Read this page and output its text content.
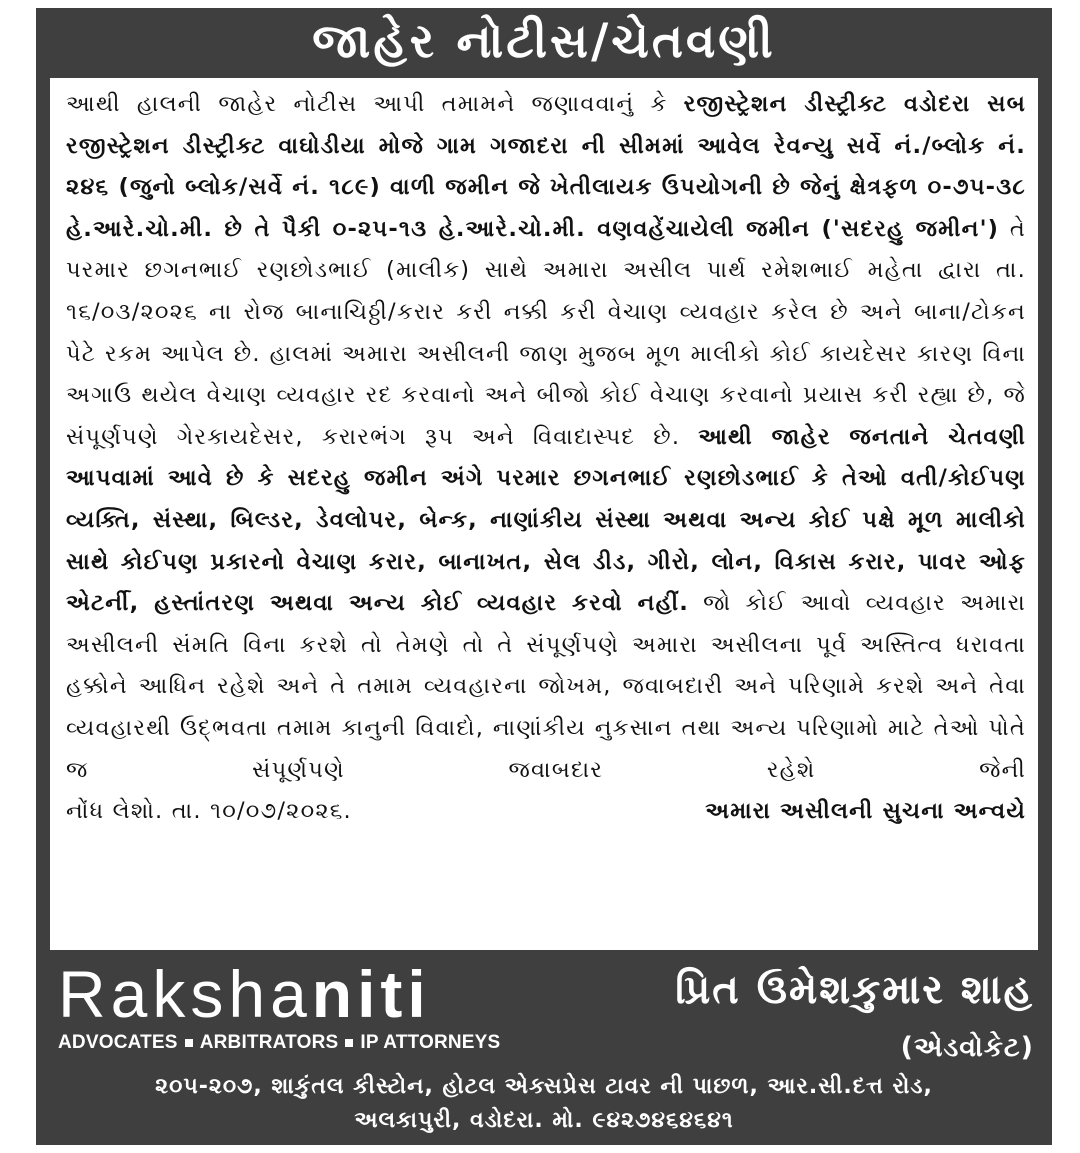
જાહેર નોટીસ/ચેતવણી

આથી હાલની જાહેર નોટીસ આપી તમામને જણાવવાનું કે રજીસ્ટ્રેશન ડીસ્ટ્રીક્ટ વડોદરા સબ રજીસ્ટ્રેશન ડીસ્ટ્રીક્ટ વાઘોડીયા મોજે ગામ ગજાદરા ની સીમમાં આવેલ રેવન્યુ સર્વે નં./બ્લોક નં. ૨૪૬ (જુનો બ્લોક/સર્વે નં. ૧૮૯) વાળી જમીન જે ખેતીલાયક ઉપયોગની છે જેનું ક્ષેત્રફળ ૦-૭૫-૩૮ હે.આરે.ચો.મી. છે તે પૈકી ૦-૨૫-૧૩ હે.આરે.ચો.મી. વણવહેંચાયેલી જમીન ('સદરહુ જમીન') તે પરમાર છગનભાઈ રણછોડભાઈ (માલીક) સાથે અમારા અસીલ પાર્થ રમેશભાઈ મહેતા દ્વારા તા. ૧૬/૦૩/૨૦૨૬ ના રોજ બાનાચિઠ્ઠી/કરાર કરી નક્કી કરી વેચાણ વ્યવહાર કરેલ છે અને બાના/ટોકન પેટે રકમ આપેલ છે. હાલમાં અમારા અસીલની જાણ મુજબ મૂળ માલીકો કોઈ કાયદેસર કારણ વિના અગાઉ થયેલ વેચાણ વ્યવહાર રદ કરવાનો અને બીજો કોઈ વેચાણ કરવાનો પ્રયાસ કરી રહ્યા છે, જે સંપૂર્ણપણે ગેરકાયદેસર, કરારભંગ રૂપ અને વિવાદાસ્પદ છે. આથી જાહેર જનતાને ચેતવણી આપવામાં આવે છે કે સદરહુ જમીન અંગે પરમાર છગનભાઈ રણછોડભાઈ કે તેઓ વતી/કોઈપણ વ્યક્તિ, સંસ્થા, બિલ્ડર, ડેવલોપર, બેન્ક, નાણાંકીય સંસ્થા અથવા અન્ય કોઈ પક્ષે મૂળ માલીકો સાથે કોઈપણ પ્રકારનો વેચાણ કરાર, બાનાખત, સેલ ડીડ, ગીરો, લોન, વિકાસ કરાર, પાવર ઓફ એટર્ની, હસ્તાંતરણ અથવા અન્ય કોઈ વ્યવહાર કરવો નહીં. જો કોઈ આવો વ્યવહાર અમારા અસીલની સંમતિ વિના કરશે તો તેમણે તો તે સંપૂર્ણપણે અમારા અસીલના પૂર્વ અસ્તિત્વ ધરાવતા હક્કોને આધિન રહેશે અને તે તમામ વ્યવહારના જોખમ, જવાબદારી અને પરિણામે કરશે અને તેવા વ્યવહારથી ઉદ્ભવતા તમામ કાનુની વિવાદો, નાણાંકીય નુકસાન તથા અન્ય પરિણામો માટે તેઓ પોતે જ સંપૂર્ણપણે જવાબદાર રહેશે જેની

નોંધ લેશો. તા. ૧૦/૦૭/૨૦૨૬.	અમારા અસીલની સુચના અન્વયે
Rakshaniti
ADVOCATES ARBITRATORS IP ATTORNEYS
પ્રિત ઉમેશકુમાર શાહ
(એડવોકેટ)
૨૦૫-૨૦૭, શાકુંતલ કીસ્ટોન, હોટલ એક્સપ્રેસ ટાવર ની પાછળ, આર.સી.દત્ત રોડ,
અલકાપુરી, વડોદરા. મો. ૯૪૨૭૪૬૪૬૪૧
